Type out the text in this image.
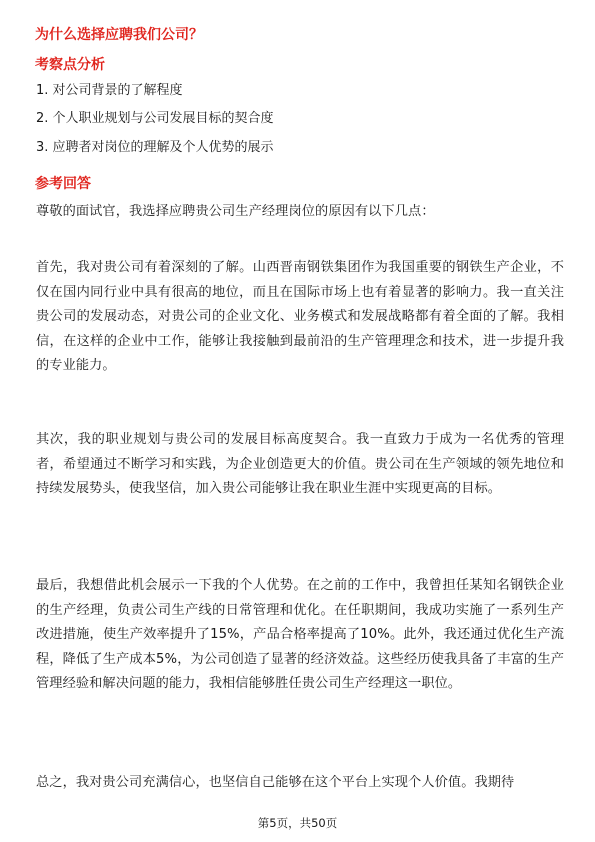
为什么选择应聘我们公司？
考察点分析
1. 对公司背景的了解程度
2. 个人职业规划与公司发展目标的契合度
3. 应聘者对岗位的理解及个人优势的展示
参考回答

尊敬的面试官，我选择应聘贵公司生产经理岗位的原因有以下几点：

首先，我对贵公司有着深刻的了解。山西晋南钢铁集团作为我国重要的钢铁生产企业，不仅在国内同行业中具有很高的地位，而且在国际市场上也有着显著的影响力。我一直关注贵公司的发展动态，对贵公司的企业文化、业务模式和发展战略都有着全面的了解。我相信，在这样的企业中工作，能够让我接触到最前沿的生产管理理念和技术，进一步提升我的专业能力。

其次，我的职业规划与贵公司的发展目标高度契合。我一直致力于成为一名优秀的管理者，希望通过不断学习和实践，为企业创造更大的价值。贵公司在生产领域的领先地位和持续发展势头，使我坚信，加入贵公司能够让我在职业生涯中实现更高的目标。

最后，我想借此机会展示一下我的个人优势。在之前的工作中，我曾担任某知名钢铁企业的生产经理，负责公司生产线的日常管理和优化。在任职期间，我成功实施了一系列生产改进措施，使生产效率提升了15%，产品合格率提高了10%。此外，我还通过优化生产流程，降低了生产成本5%，为公司创造了显著的经济效益。这些经历使我具备了丰富的生产管理经验和解决问题的能力，我相信能够胜任贵公司生产经理这一职位。

总之，我对贵公司充满信心，也坚信自己能够在这个平台上实现个人价值。我期待

第5页，共50页
